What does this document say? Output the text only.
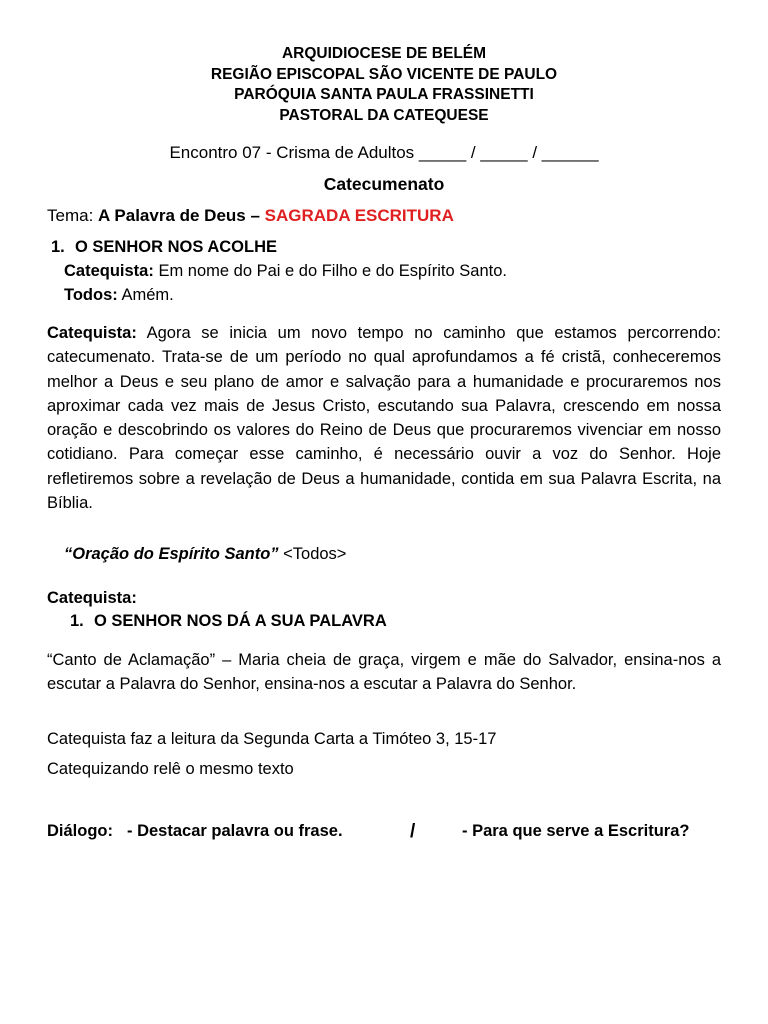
ARQUIDIOCESE DE BELÉM
REGIÃO EPISCOPAL SÃO VICENTE DE PAULO
PARÓQUIA SANTA PAULA FRASSINETTI
PASTORAL DA CATEQUESE
Encontro 07 - Crisma de Adultos _____ / _____ / ______
Catecumenato
Tema: A Palavra de Deus – SAGRADA ESCRITURA
1. O SENHOR NOS ACOLHE
Catequista: Em nome do Pai e do Filho e do Espírito Santo.
Todos: Amém.
Catequista: Agora se inicia um novo tempo no caminho que estamos percorrendo: catecumenato. Trata-se de um período no qual aprofundamos a fé cristã, conheceremos melhor a Deus e seu plano de amor e salvação para a humanidade e procuraremos nos aproximar cada vez mais de Jesus Cristo, escutando sua Palavra, crescendo em nossa oração e descobrindo os valores do Reino de Deus que procuraremos vivenciar em nosso cotidiano. Para começar esse caminho, é necessário ouvir a voz do Senhor. Hoje refletiremos sobre a revelação de Deus a humanidade, contida em sua Palavra Escrita, na Bíblia.
“Oração do Espírito Santo” <Todos>
Catequista:
1. O SENHOR NOS DÁ A SUA PALAVRA
“Canto de Aclamação” – Maria cheia de graça, virgem e mãe do Salvador, ensina-nos a escutar a Palavra do Senhor, ensina-nos a escutar a Palavra do Senhor.
Catequista faz a leitura da Segunda Carta a Timóteo 3, 15-17
Catequizando relê o mesmo texto
Diálogo: - Destacar palavra ou frase.	/	- Para que serve a Escritura?
